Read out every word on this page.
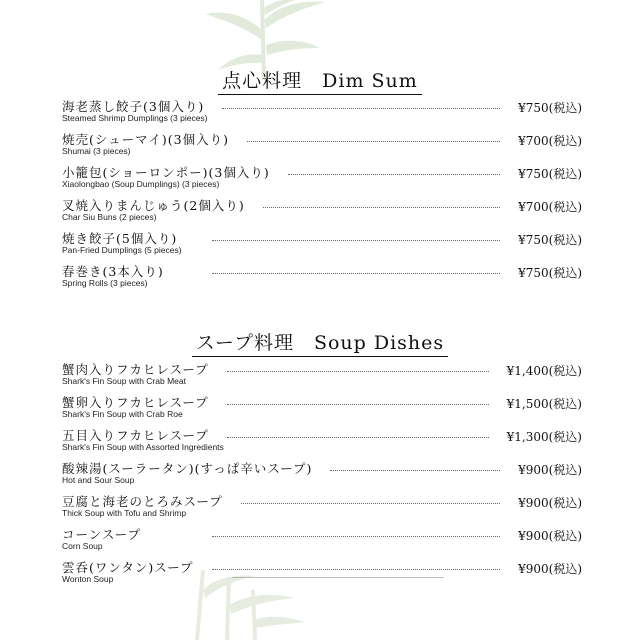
点心料理　Dim Sum
海老蒸し餃子(3個入り)
Steamed Shrimp Dumplings (3 pieces)
¥750(税込)
焼売(シューマイ)(3個入り)
Shumai (3 pieces)
¥700(税込)
小籠包(ショーロンポー)(3個入り)
Xiaolongbao (Soup Dumplings) (3 pieces)
¥750(税込)
叉焼入りまんじゅう(2個入り)
Char Siu Buns (2 pieces)
¥700(税込)
焼き餃子(5個入り)
Pan-Fried Dumplings (5 pieces)
¥750(税込)
春巻き(3本入り)
Spring Rolls (3 pieces)
¥750(税込)
スープ料理　Soup Dishes
蟹肉入りフカヒレスープ
Shark's Fin Soup with Crab Meat
¥1,400(税込)
蟹卵入りフカヒレスープ
Shark's Fin Soup with Crab Roe
¥1,500(税込)
五目入りフカヒレスープ
Shark's Fin Soup with Assorted Ingredients
¥1,300(税込)
酸辣湯(スーラータン)(すっぱ辛いスープ)
Hot and Sour Soup
¥900(税込)
豆腐と海老のとろみスープ
Thick Soup with Tofu and Shrimp
¥900(税込)
コーンスープ
Corn Soup
¥900(税込)
雲呑(ワンタン)スープ
Wonton Soup
¥900(税込)
